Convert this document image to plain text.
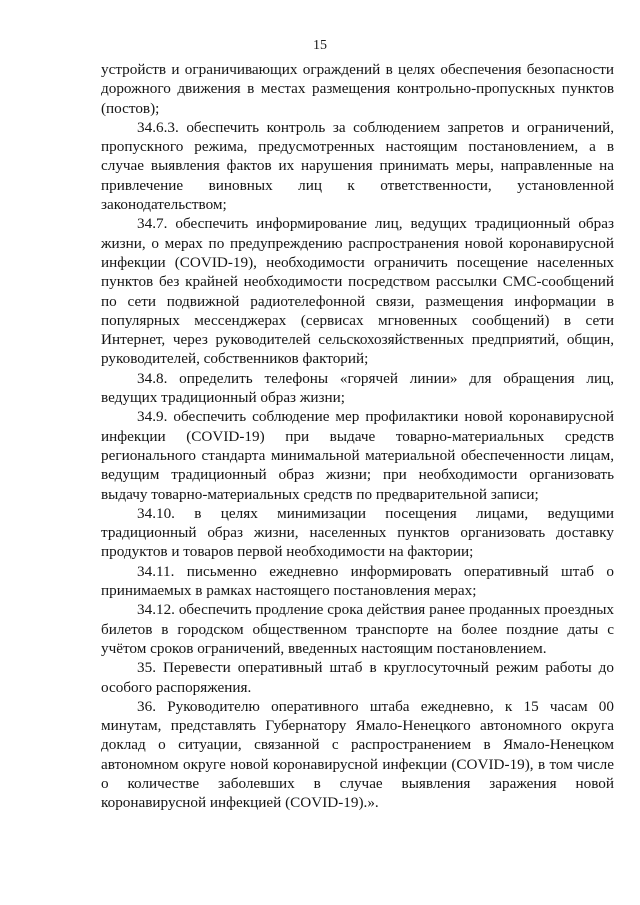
15

устройств и ограничивающих ограждений в целях обеспечения безопасности дорожного движения в местах размещения контрольно-пропускных пунктов (постов);

34.6.3. обеспечить контроль за соблюдением запретов и ограничений, пропускного режима, предусмотренных настоящим постановлением, а в случае выявления фактов их нарушения принимать меры, направленные на привлечение виновных лиц к ответственности, установленной законодательством;

34.7. обеспечить информирование лиц, ведущих традиционный образ жизни, о мерах по предупреждению распространения новой коронавирусной инфекции (COVID-19), необходимости ограничить посещение населенных пунктов без крайней необходимости посредством рассылки СМС-сообщений по сети подвижной радиотелефонной связи, размещения информации в популярных мессенджерах (сервисах мгновенных сообщений) в сети Интернет, через руководителей сельскохозяйственных предприятий, общин, руководителей, собственников факторий;

34.8. определить телефоны «горячей линии» для обращения лиц, ведущих традиционный образ жизни;

34.9. обеспечить соблюдение мер профилактики новой коронавирусной инфекции (COVID-19) при выдаче товарно-материальных средств регионального стандарта минимальной материальной обеспеченности лицам, ведущим традиционный образ жизни; при необходимости организовать выдачу товарно-материальных средств по предварительной записи;

34.10. в целях минимизации посещения лицами, ведущими традиционный образ жизни, населенных пунктов организовать доставку продуктов и товаров первой необходимости на фактории;

34.11. письменно ежедневно информировать оперативный штаб о принимаемых в рамках настоящего постановления мерах;

34.12. обеспечить продление срока действия ранее проданных проездных билетов в городском общественном транспорте на более поздние даты с учётом сроков ограничений, введенных настоящим постановлением.

35. Перевести оперативный штаб в круглосуточный режим работы до особого распоряжения.

36. Руководителю оперативного штаба ежедневно, к 15 часам 00 минутам, представлять Губернатору Ямало-Ненецкого автономного округа доклад о ситуации, связанной с распространением в Ямало-Ненецком автономном округе новой коронавирусной инфекции (COVID-19), в том числе о количестве заболевших в случае выявления заражения новой коронавирусной инфекцией (COVID-19).».
